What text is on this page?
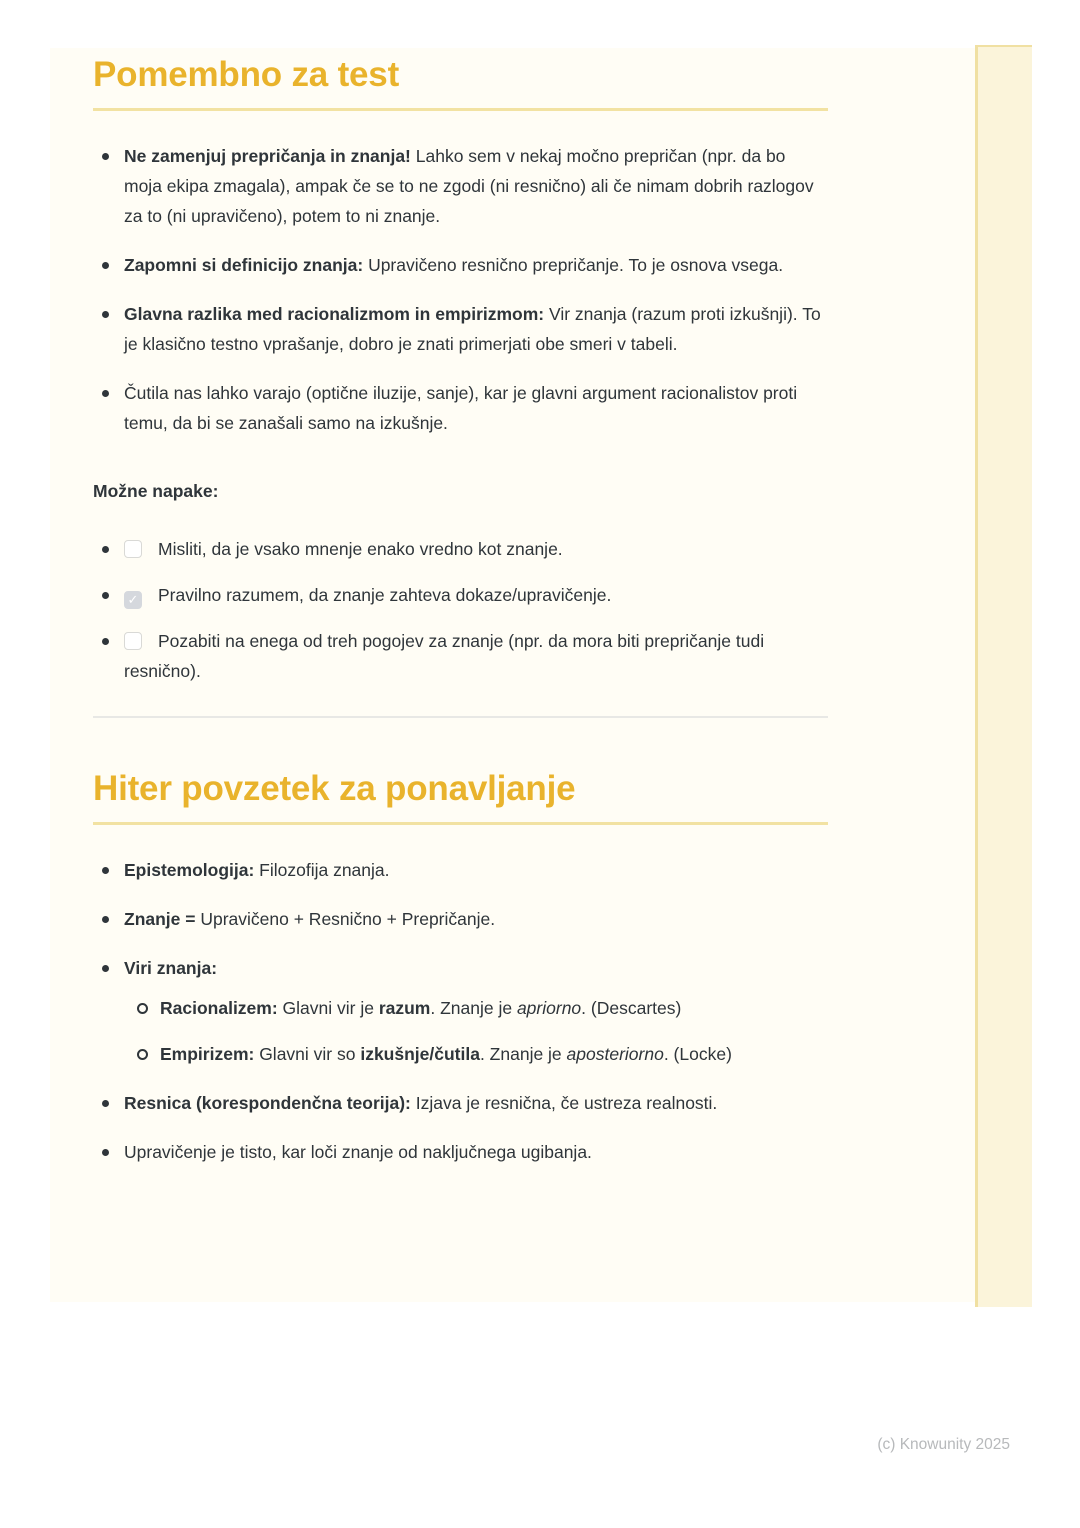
Pomembno za test
Ne zamenjuj prepričanja in znanja! Lahko sem v nekaj močno prepričan (npr. da bo moja ekipa zmagala), ampak če se to ne zgodi (ni resnično) ali če nimam dobrih razlogov za to (ni upravičeno), potem to ni znanje.
Zapomni si definicijo znanja: Upravičeno resnično prepričanje. To je osnova vsega.
Glavna razlika med racionalizmom in empirizmom: Vir znanja (razum proti izkušnji). To je klasično testno vprašanje, dobro je znati primerjati obe smeri v tabeli.
Čutila nas lahko varajo (optične iluzije, sanje), kar je glavni argument racionalistov proti temu, da bi se zanašali samo na izkušnje.

Možne napake:

Misliti, da je vsako mnenje enako vredno kot znanje.
✓ Pravilno razumem, da znanje zahteva dokaze/upravičenje.
Pozabiti na enega od treh pogojev za znanje (npr. da mora biti prepričanje tudi resnično).
Hiter povzetek za ponavljanje
Epistemologija: Filozofija znanja.
Znanje = Upravičeno + Resnično + Prepričanje.
Viri znanja:
Racionalizem: Glavni vir je razum. Znanje je apriorno. (Descartes)
Empirizem: Glavni vir so izkušnje/čutila. Znanje je aposteriorno. (Locke)
Resnica (korespondenčna teorija): Izjava je resnična, če ustreza realnosti.
Upravičenje je tisto, kar loči znanje od naključnega ugibanja.
(c) Knowunity 2025
